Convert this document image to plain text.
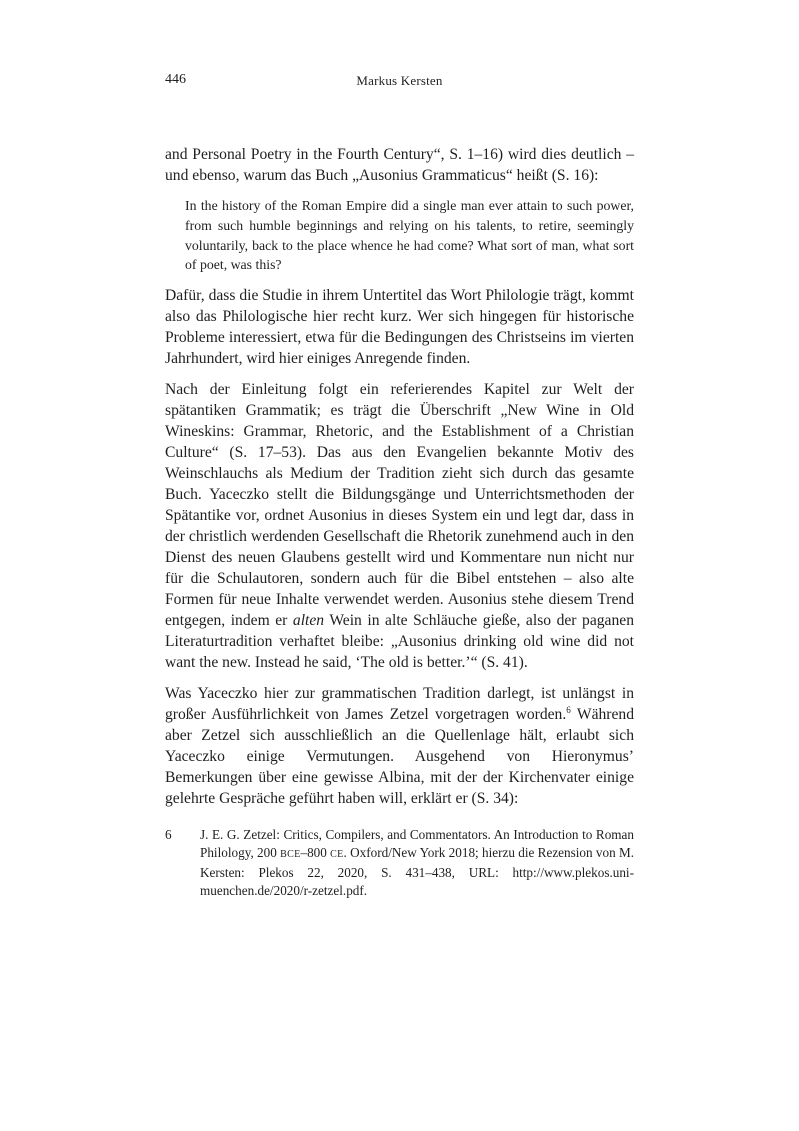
446	Markus Kersten

and Personal Poetry in the Fourth Century“, S. 1–16) wird dies deutlich – und ebenso, warum das Buch „Ausonius Grammaticus“ heißt (S. 16):

In the history of the Roman Empire did a single man ever attain to such power, from such humble beginnings and relying on his talents, to retire, seemingly voluntarily, back to the place whence he had come? What sort of man, what sort of poet, was this?

Dafür, dass die Studie in ihrem Untertitel das Wort Philologie trägt, kommt also das Philologische hier recht kurz. Wer sich hingegen für historische Probleme interessiert, etwa für die Bedingungen des Christseins im vierten Jahrhundert, wird hier einiges Anregende finden.

Nach der Einleitung folgt ein referierendes Kapitel zur Welt der spätantiken Grammatik; es trägt die Überschrift „New Wine in Old Wineskins: Grammar, Rhetoric, and the Establishment of a Christian Culture“ (S. 17–53). Das aus den Evangelien bekannte Motiv des Weinschlauchs als Medium der Tradition zieht sich durch das gesamte Buch. Yaceczko stellt die Bildungsgänge und Unterrichtsmethoden der Spätantike vor, ordnet Ausonius in dieses System ein und legt dar, dass in der christlich werdenden Gesellschaft die Rhetorik zunehmend auch in den Dienst des neuen Glaubens gestellt wird und Kommentare nun nicht nur für die Schulautoren, sondern auch für die Bibel entstehen – also alte Formen für neue Inhalte verwendet werden. Ausonius stehe diesem Trend entgegen, indem er alten Wein in alte Schläuche gieße, also der paganen Literaturtradition verhaftet bleibe: „Ausonius drinking old wine did not want the new. Instead he said, ‘The old is better.’“ (S. 41).

Was Yaceczko hier zur grammatischen Tradition darlegt, ist unlängst in großer Ausführlichkeit von James Zetzel vorgetragen worden.$^6$ Während aber Zetzel sich ausschließlich an die Quellenlage hält, erlaubt sich Yaceczko einige Vermutungen. Ausgehend von Hieronymus’ Bemerkungen über eine gewisse Albina, mit der der Kirchenvater einige gelehrte Gespräche geführt haben will, erklärt er (S. 34):

6 J. E. G. Zetzel: Critics, Compilers, and Commentators. An Introduction to Roman Philology, 200 BCE–800 CE. Oxford/New York 2018; hierzu die Rezension von M. Kersten: Plekos 22, 2020, S. 431–438, URL: http://www.plekos.uni-muenchen.de/2020/r-zetzel.pdf.
